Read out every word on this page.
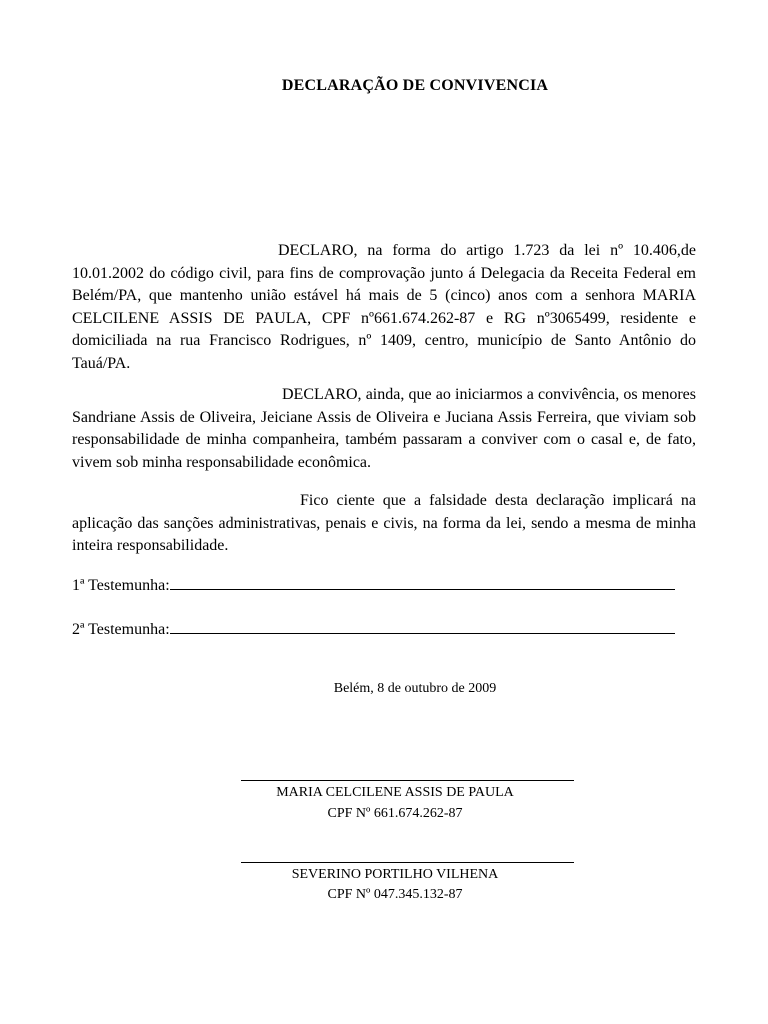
DECLARAÇÃO DE CONVIVENCIA
DECLARO, na forma do artigo 1.723 da lei nº 10.406,de 10.01.2002 do código civil, para fins de comprovação junto á Delegacia da Receita Federal em Belém/PA, que mantenho união estável há mais de 5 (cinco) anos com a senhora MARIA CELCILENE ASSIS DE PAULA, CPF nº661.674.262-87 e RG nº3065499, residente e domiciliada na rua Francisco Rodrigues, nº 1409, centro, município de Santo Antônio do Tauá/PA.
DECLARO, ainda, que ao iniciarmos a convivência, os menores Sandriane Assis de Oliveira, Jeiciane Assis de Oliveira e Juciana Assis Ferreira, que viviam sob responsabilidade de minha companheira, também passaram a conviver com o casal e, de fato, vivem sob minha responsabilidade econômica.
Fico ciente que a falsidade desta declaração implicará na aplicação das sanções administrativas, penais e civis, na forma da lei, sendo a mesma de minha inteira responsabilidade.
1ª Testemunha:
2ª Testemunha:
Belém, 8 de outubro de 2009
MARIA CELCILENE ASSIS DE PAULA
CPF Nº 661.674.262-87
SEVERINO PORTILHO VILHENA
CPF Nº 047.345.132-87
